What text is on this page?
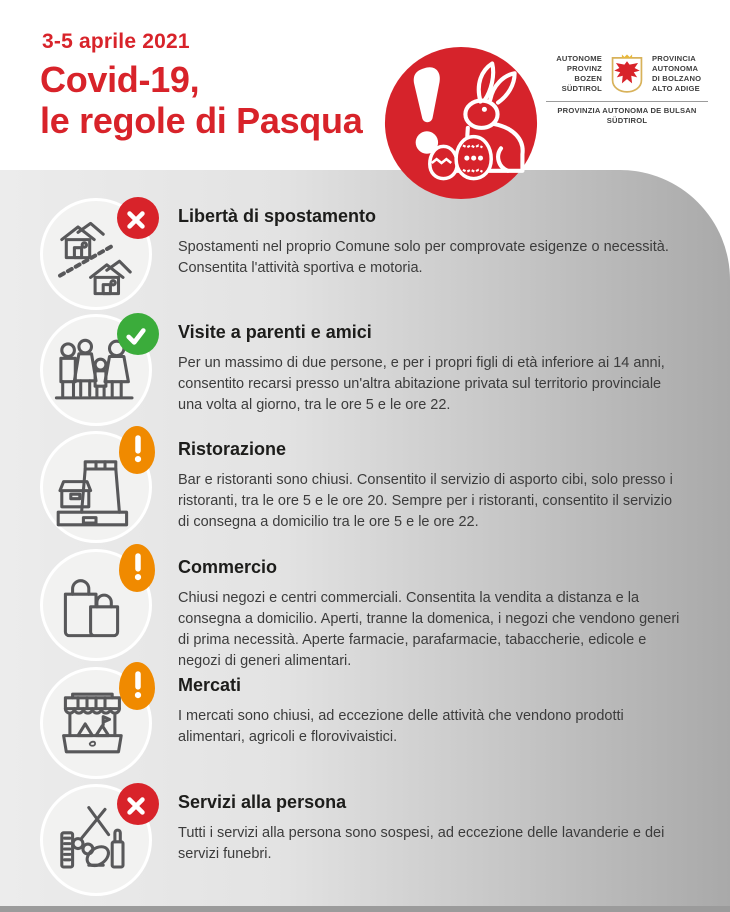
3-5 aprile 2021
Covid-19,
le regole di Pasqua
AUTONOME
PROVINZ
BOZEN
SÜDTIROL
PROVINCIA
AUTONOMA
DI BOLZANO
ALTO ADIGE
PROVINZIA AUTONOMA DE BULSAN
SÜDTIROL

Libertà di spostamento

Spostamenti nel proprio Comune solo per comprovate esigenze o necessità. Consentita l'attività sportiva e motoria.

Visite a parenti e amici

Per un massimo di due persone, e per i propri figli di età inferiore ai 14 anni, consentito recarsi presso un'altra abitazione privata sul territorio provinciale una volta al giorno, tra le ore 5 e le ore 22.

Ristorazione

Bar e ristoranti sono chiusi. Consentito il servizio di asporto cibi, solo presso i ristoranti, tra le ore 5 e le ore 20. Sempre per i ristoranti, consentito il servizio di consegna a domicilio tra le ore 5 e le ore 22.

Commercio

Chiusi negozi e centri commerciali. Consentita la vendita a distanza e la consegna a domicilio. Aperti, tranne la domenica, i negozi che vendono generi di prima necessità. Aperte farmacie, parafarmacie, tabaccherie, edicole e negozi di generi alimentari.

Mercati

I mercati sono chiusi, ad eccezione delle attività che vendono prodotti alimentari, agricoli e florovivaistici.

Servizi alla persona

Tutti i servizi alla persona sono sospesi, ad eccezione delle lavanderie e dei servizi funebri.
